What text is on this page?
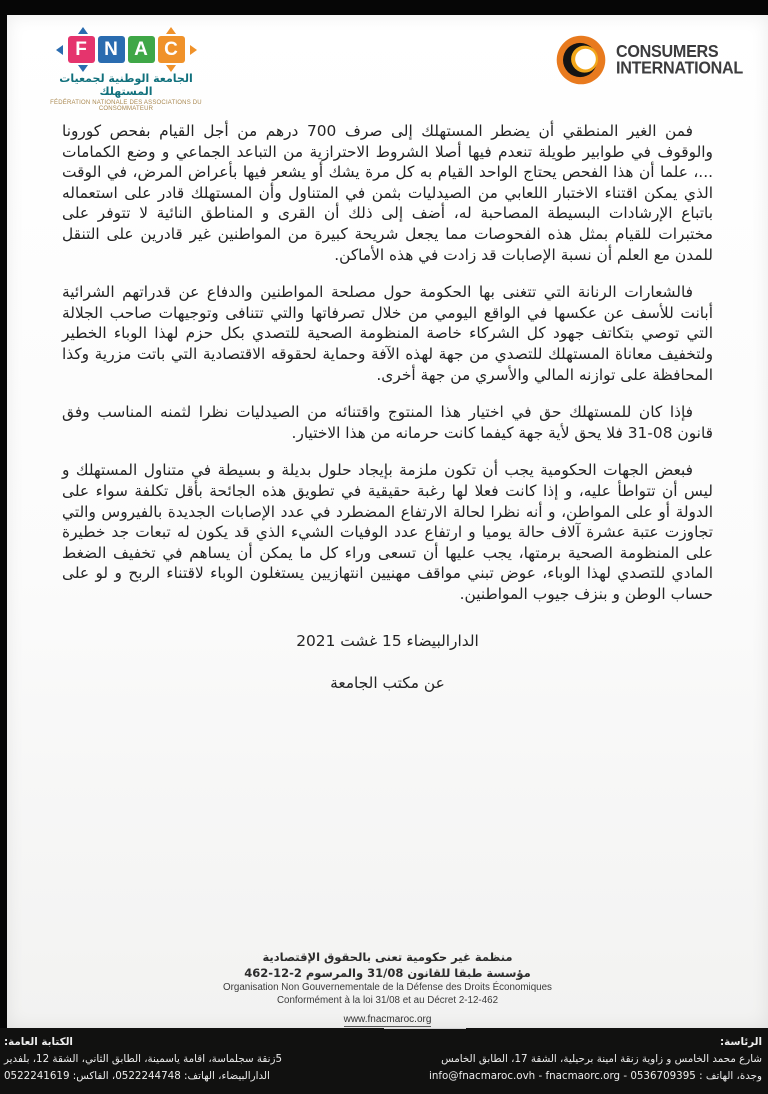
F N A C
الجامعة الوطنية لجمعيات المستهلك
FÉDÉRATION NATIONALE DES ASSOCIATIONS DU CONSOMMATEUR
CONSUMERS
INTERNATIONAL

فمن الغير المنطقي أن يضطر المستهلك إلى صرف 700 درهم من أجل القيام بفحص كورونا والوقوف في طوابير طويلة تنعدم فيها أصلا الشروط الاحترازية من التباعد الجماعي و وضع الكمامات ...، علما أن هذا الفحص يحتاج الواحد القيام به كل مرة يشك أو يشعر فيها بأعراض المرض، في الوقت الذي يمكن اقتناء الاختبار اللعابي من الصيدليات بثمن في المتناول وأن المستهلك قادر على استعماله باتباع الإرشادات البسيطة المصاحبة له، أضف إلى ذلك أن القرى و المناطق النائية لا تتوفر على مختبرات للقيام بمثل هذه الفحوصات مما يجعل شريحة كبيرة من المواطنين غير قادرين على التنقل للمدن مع العلم أن نسبة الإصابات قد زادت في هذه الأماكن.

فالشعارات الرنانة التي تتغنى بها الحكومة حول مصلحة المواطنين والدفاع عن قدراتهم الشرائية أبانت للأسف عن عكسها في الواقع اليومي من خلال تصرفاتها والتي تتنافى وتوجيهات صاحب الجلالة التي توصي بتكاتف جهود كل الشركاء خاصة المنظومة الصحية للتصدي بكل حزم لهذا الوباء الخطير ولتخفيف معاناة المستهلك للتصدي من جهة لهذه الآفة وحماية لحقوقه الاقتصادية التي باتت مزرية وكذا المحافظة على توازنه المالي والأسري من جهة أخرى.

فإذا كان للمستهلك حق في اختيار هذا المنتوج واقتنائه من الصيدليات نظرا لثمنه المناسب وفق قانون 08-31 فلا يحق لأية جهة كيفما كانت حرمانه من هذا الاختيار.

فبعض الجهات الحكومية يجب أن تكون ملزمة بإيجاد حلول بديلة و بسيطة في متناول المستهلك و ليس أن تتواطأ عليه، و إذا كانت فعلا لها رغبة حقيقية في تطويق هذه الجائحة بأقل تكلفة سواء على الدولة أو على المواطن، و أنه نظرا لحالة الارتفاع المضطرد في عدد الإصابات الجديدة بالفيروس والتي تجاوزت عتبة عشرة آلاف حالة يوميا و ارتفاع عدد الوفيات الشيء الذي قد يكون له تبعات جد خطيرة على المنظومة الصحية برمتها، يجب عليها أن تسعى وراء كل ما يمكن أن يساهم في تخفيف الضغط المادي للتصدي لهذا الوباء، عوض تبني مواقف مهنيين انتهازيين يستغلون الوباء لاقتناء الربح و لو على حساب الوطن و بنزف جيوب المواطنين.

الدارالبيضاء 15 غشت 2021
عن مكتب الجامعة
منظمة غير حكومية تعنى بالحقوق الإقتصادية
مؤسسة طبقا للقانون 31/08 والمرسوم 2-12-462
Organisation Non Gouvernementale de la Défense des Droits Économiques
Conformément à la loi 31/08 et au Décret 2-12-462
www.fnacmaroc.org
الكتابة العامة:
5زنقة سجلماسة، اقامة ياسمينة، الطابق الثاني، الشقة 12، بلفدير
الدارالبيضاء، الهاتف: 0522244748، الفاكس: 0522241619
الرئاسة:
شارع محمد الخامس و زاوية زنقة امينة برحيلية، الشقة 17، الطابق الخامس
وجدة، الهاتف : 0536709395 - info@fnacmaroc.ovh - fnacmaorc.org
